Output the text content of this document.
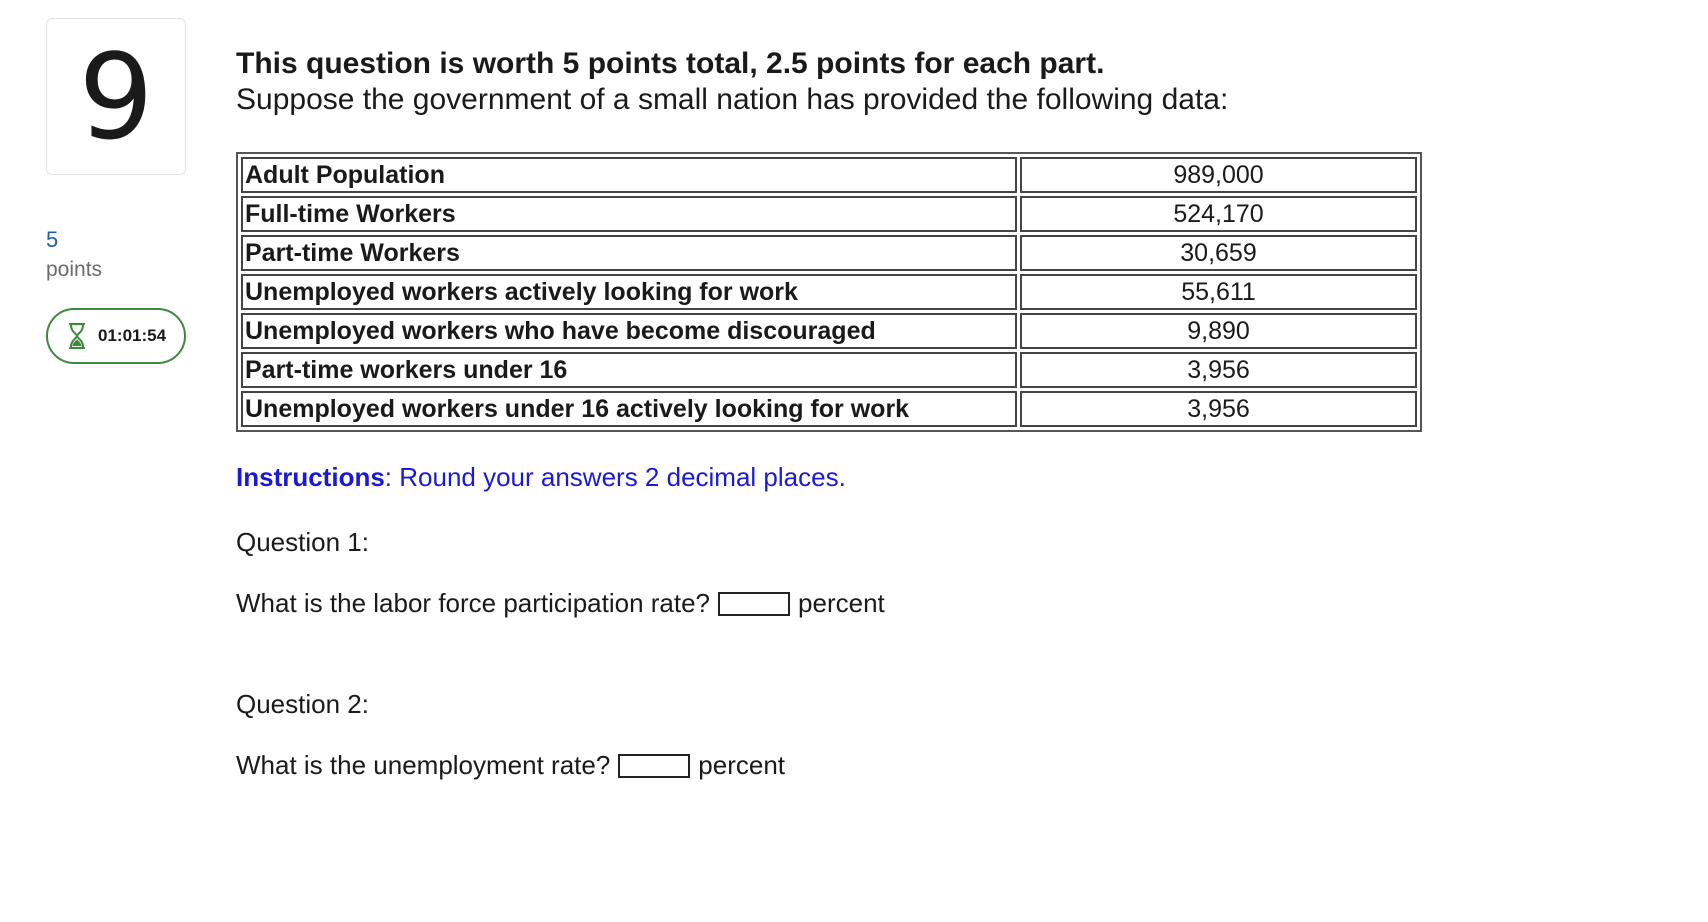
9
5
points
01:01:54

This question is worth 5 points total, 2.5 points for each part.

Suppose the government of a small nation has provided the following data:

Adult Population	989,000
Full-time Workers	524,170
Part-time Workers	30,659
Unemployed workers actively looking for work	55,611
Unemployed workers who have become discouraged	9,890
Part-time workers under 16	3,956
Unemployed workers under 16 actively looking for work	3,956
Instructions: Round your answers 2 decimal places.
Question 1:
What is the labor force participation rate?	percent
Question 2:
What is the unemployment rate?	percent
